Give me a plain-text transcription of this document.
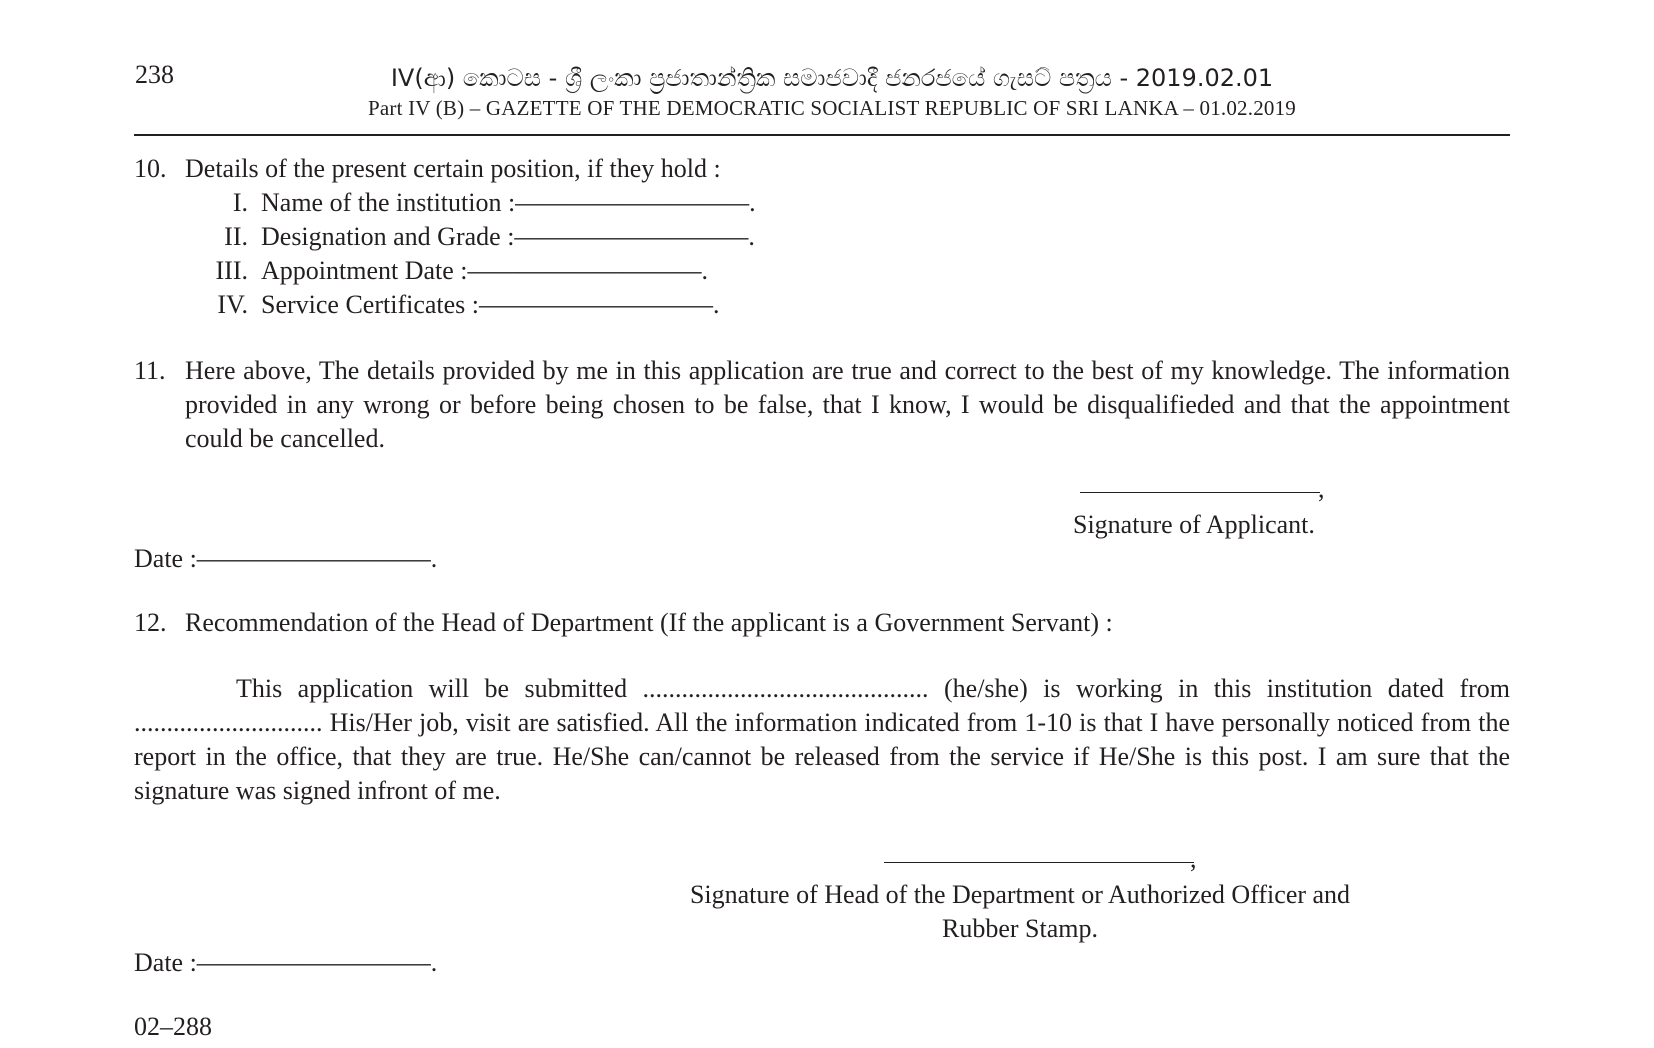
238	IV(ආ) කොටස - ශ්‍රී ලංකා ප්‍රජාතාන්ත්‍රික සමාජවාදී ජනරජයේ ගැසට් පත්‍රය - 2019.02.01
Part IV (B) – GAZETTE OF THE DEMOCRATIC SOCIALIST REPUBLIC OF SRI LANKA – 01.02.2019
10. Details of the present certain position, if they hold :
I. Name of the institution :—————————.
II. Designation and Grade :—————————.
III. Appointment Date :—————————.
IV. Service Certificates :—————————.
11. Here above, The details provided by me in this application are true and correct to the best of my knowledge. The information provided in any wrong or before being chosen to be false, that I know, I would be disqualifieded and that the appointment could be cancelled.
,
Signature of Applicant.
Date :—————————.
12. Recommendation of the Head of Department (If the applicant is a Government Servant) :
This application will be submitted ............................................ (he/she) is working in this institution dated from ............................. His/Her job, visit are satisfied. All the information indicated from 1-10 is that I have personally noticed from the report in the office, that they are true. He/She can/cannot be released from the service if He/She is this post. I am sure that the signature was signed infront of me.
,
Signature of Head of the Department or Authorized Officer and
Rubber Stamp.
Date :—————————.
02–288
